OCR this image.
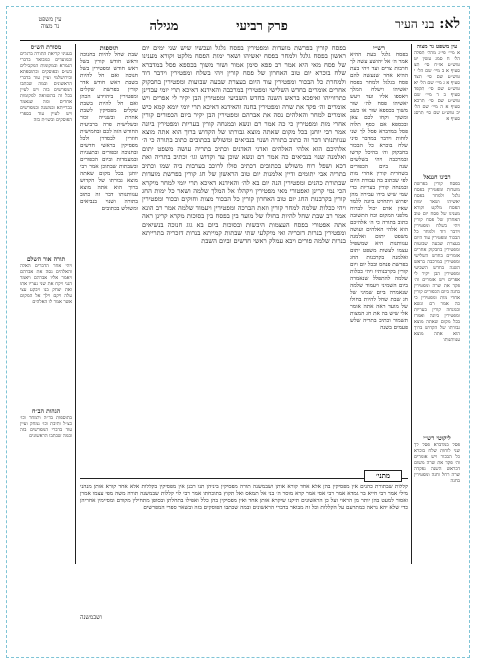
עין משפט
נר מצוה	מגילה	פרק רביעי	לא: בני העיר
מסורת הש״ס
בעניני קריאת התורה ברגלים ובמועדים כמבואר בדברי הגמרא ובמקומות המקבילים בש״ס ובפוסקים ובתוספתא ובירושלמי ועיין עוד בדברי הראשונים ובמה שכתבו המפרשים בזה ויש לעיין בכל זה בהשוואה למקומות אחרים ומה שנאמר בברייתא ובמשנה ובמפרשים ויש לעיין עוד בספרי הפוסקים ובשו״ת בזה
תורה אור השלם
ויהי אחר הדברים האלה והאלהים נסה את אברהם ויאמר אליו אברהם ויאמר הנני ויקח את שני נעריו אתו ואת יצחק בנו ויבקע עצי עלה ויקם וילך אל המקום אשר אמר לו האלהים
הגהות הב״ח
בתוספות בד״ה ולמחר וכו׳ כצ״ל ותיבת וכו׳ נמחק ועיין עוד בדברי המפרשים בזה ובמה שכתבו הראשונים
תוספות
שבת שחל להיות בחנוכה וראש חודש קורין בשל ראש חודש ומפטירין בשל חנוכה ואם חל להיות בשבת ראש חודש אדר קורין בפרשת שקלים ומפטירין ביהוידע הכהן ואם חל להיות בשבת שקלים מפסיקין לשבת אחרת ובשנייה זכור ובשלישית פרה ברביעית החודש הזה לכם ובחמישית חוזרין לכסדרן ולכל מפסיקין בראשי חדשים ובחנוכה ובפורים ובתעניות ובמעמדות וביום הכפורים ובשבתות שבתוכן אמר רבי יוחנן בכל מקום שאתה מוצא גבורתו של הקדוש ברוך הוא אתה מוצא ענוותנותו דבר זה כתוב בתורה ושנוי בנביאים ומשולש בכתובים
בפסח קורין בפרשת מועדות ומפטירין בפסח גלגל ועכשיו שיש שני ימים יום ראשון בפסח גלגל ולמחר בפסח יאשיהו ושאר ימות הפסח מלקט וקורא מענינו של פסח מאי היא אמר רב פפא סימן אמור ושור משוך בכספא פסל במדברא שלח בוכרא יום טוב האחרון של פסח קורין ויהי בשלח ומפטירין וידבר דוד ולמחרת כל הבכור ומפטירין עוד היום בעצרת שבעה שבועות ומפטירין בחבקוק אחרים אומרים בחדש השלישי ומפטירין במרכבה והאידנא דאיכא תרי יומי עבדינן כתרווייהו ואיפכא בראש השנה בחדש השביעי ומפטירין הבן יקיר לי אפרים ויש אומרים וה׳ פקד את שרה ומפטירין בחנה והאידנא דאיכא תרי יומי יומא קמא כיש אומרים למחר והאלהים נסה את אברהם ומפטירין הבן יקיר ביום הכפורים קורין אחרי מות ומפטירין כי כה אמר רם ונשא ובמנחה קורין בעריות ומפטירין ביונה אמר רבי יוחנן בכל מקום שאתה מוצא גבורתו של הקדוש ברוך הוא אתה מוצא ענוותנותו דבר זה כתוב בתורה ושנוי בנביאים ומשולש בכתובים כתוב בתורה כי ה׳ אלהיכם הוא אלהי האלהים ואדני האדנים וכתיב בתריה עושה משפט יתום ואלמנה שנוי בנביאים כה אמר רם ונשא שוכן עד וקדוש וגו׳ וכתיב בתריה ואת דכא ושפל רוח משולש בכתובים דכתיב סולו לרוכב בערבות ביה שמו וכתיב בתריה אבי יתומים ודיין אלמנות יום טוב הראשון של חג קורין בפרשת מועדות שבתורת כהנים ומפטירין הנה יום בא לה׳ והאידנא דאיכא תרי יומי למחר מיקרא הכי נמי קרינן ואפטורי מאי מפטירין ויקהלו אל המלך שלמה ושאר כל ימות החג קורין בקרבנות החג יום טוב האחרון קורין כל הבכור מצות וחוקים ובכור ומפטירין ויהי ככלות שלמה למחר קורין וזאת הברכה ומפטירין ויעמוד שלמה אמר רב הונא אמר רב שבת שחל להיות בחולו של מועד בין בפסח בין בסוכות מקרא קרינן ראה אתה אפטורי בפסח העצמות היבשות ובסוכות ביום בא גוג חנוכה בנשיאים ומפטירין בנרות דזכריה ואי מיקלעי שתי שבתות קמייתא בנרות דזכריה בתרייתא בנרות שלמה פורים ויבא עמלק ראשי חדשים וביום השבת
רש״י
בפסח גלגל בעת ההיא אמר ה׳ אל יהושע עשה לך חרבות צרים ועד ויהי בעת ההיא אחר שנעשה להם פסח בגלגל ולמחר בפסח יאשיהו וישלח המלך ויאספו אליו ועד ויעש יאשיהו פסח לה׳ שור משוך בכספא שור או כשב ומשוך וקחו לכם צאן ובכספא אם כסף תלוה פסל במדברא פסל לך שני לוחות וידבר במדבר סיני שלח בוכרא כל הבכור בחבקוק וה׳ בהיכל קדשו ובמרכבה ויהי בשלשים שנה ביום הכפורים בשחרית קורין אחרי מות לפי שכתוב בה עבודת היום ובמנחה קורין בעריות כדי שמי שיש בידו עבירה מהן יפרוש ויתחרט ביונה ללמד שאין אדם יכול לברוח מלפני המקום וכח התשובה כתוב בתורה כי ה׳ אלהיכם הוא אלהי האלהים ועושה משפט יתום ואלמנה ענוותנות היא שמשפיל עצמו לעשות משפט יתום ואלמנה בקרבנות החג בפרשת פנחס ובכל יום ויום קורין בקרבנותיו ויהי ככלות שלמה להתפלל שנאמרה ביום השמיני ויעמוד שלמה שנאמרה ביום שמיני של חג שבת שחל להיות בחולו של מועד ראה אתה אומר אלי שיש בה את חג המצות תשמור וכתיב בתריה שלש פעמים בשנה
עין משפט נר מצוה
א מיי׳ פי״ג מהל׳ תפלה הל׳ ח סמג עשין יט טוש״ע או״ח סי׳ תצ סעיף א ב מיי׳ שם הל׳ י טוש״ע שם סי׳ תצד סעיף א ג מיי׳ שם הל׳ יא טוש״ע שם סי׳ תקפד סעיף ב ד מיי׳ שם טוש״ע שם סי׳ תרכא סעיף א ה מיי׳ שם הל׳ יב טוש״ע שם סי׳ תרסג סעיף א
רבינו חננאל
בפסח קורין בפרשת מועדות ומפטירין בפסח גלגל ולמחר בפסח יאשיהו ושאר ימות הפסח מלקט וקורא מענינו של פסח יום טוב האחרון של פסח קורין ויהי בשלח ומפטירין וידבר דוד ולמחר כל הבכור ומפטירין עוד היום בעצרת שבעה שבועות ומפטירין בחבקוק אחרים אומרים בחדש השלישי ומפטירין במרכבה בראש השנה בחדש השביעי ומפטירין הבן יקיר לי אפרים ויש אומרים וה׳ פקד את שרה ומפטירין בחנה ביום הכפורים קורין אחרי מות ומפטירין כי כה אמר רם ונשא ובמנחה קורין בעריות ומפטירין ביונה ואמרו בכל מקום שאתה מוצא גבורתו של הקדוש ברוך הוא אתה מוצא ענוותנותו
ליקוטי רש״י
פסל במדברא פסל לך שני לוחות שלח בוכרא כל הבכור ויש אומרים וה׳ פקד את שרה משום דבראש השנה נפקדה שרה רחל וחנה ומפטירין בחנה
מתני׳
קללות שבתורת כהנים אין מפסיקין בהן אלא אחד קורא אותן ושבמשנה תורה מפסיקין ביניהן תנו רבנן אין מפסיקין בקללות אלא אחד קורא אותן מנהני מילי אמר רבי חייא בר גמדא אמר רבי אסי אמר קרא מוסר ה׳ בני אל תמאס ואל תקוץ בתוכחתו אמר רבי לוי קללות שבמשנה תורה משה מפי עצמו אמרן ואסור למעט בהן יותר מן הראוי ועל כן הראשונים תיקנו שיקרא אותן אחד ואין מפסיקין בהן כלל ואפילו בתחלתן ובסופן מתחילין מקודם ומסיימין אחריהן כדי שלא יהא נראה כמתרעם על הקללות וכל זה מבואר בדברי הראשונים ובמה שכתבו הפוסקים בזה ובשאר ספרי המפרשים
ושבמשנה
